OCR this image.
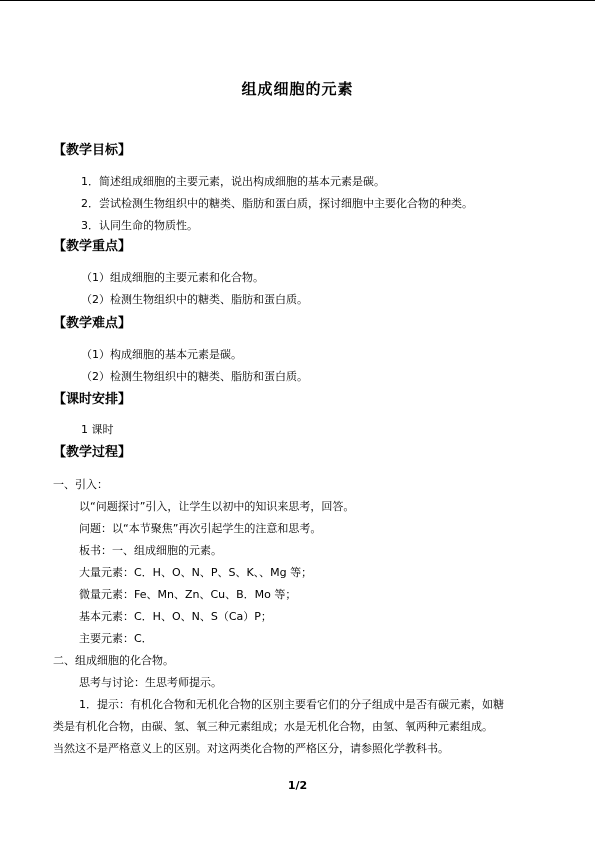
组成细胞的元素
【教学目标】
1．简述组成细胞的主要元素，说出构成细胞的基本元素是碳。
2．尝试检测生物组织中的糖类、脂肪和蛋白质，探讨细胞中主要化合物的种类。
3．认同生命的物质性。
【教学重点】
（1）组成细胞的主要元素和化合物。
（2）检测生物组织中的糖类、脂肪和蛋白质。
【教学难点】
（1）构成细胞的基本元素是碳。
（2）检测生物组织中的糖类、脂肪和蛋白质。
【课时安排】
1 课时
【教学过程】
一、引入：
以“问题探讨”引入，让学生以初中的知识来思考，回答。
问题：以“本节聚焦”再次引起学生的注意和思考。
板书：一、组成细胞的元素。
大量元素：C．H、O、N、P、S、K、、Mg 等；
微量元素：Fe、Mn、Zn、Cu、B．Mo 等；
基本元素：C．H、O、N、S（Ca）P；
主要元素：C．
二、组成细胞的化合物。
思考与讨论：生思考师提示。
1．提示：有机化合物和无机化合物的区别主要看它们的分子组成中是否有碳元素，如糖
类是有机化合物，由碳、氢、氧三种元素组成；水是无机化合物，由氢、氧两种元素组成。
当然这不是严格意义上的区别。对这两类化合物的严格区分，请参照化学教科书。
1/2
